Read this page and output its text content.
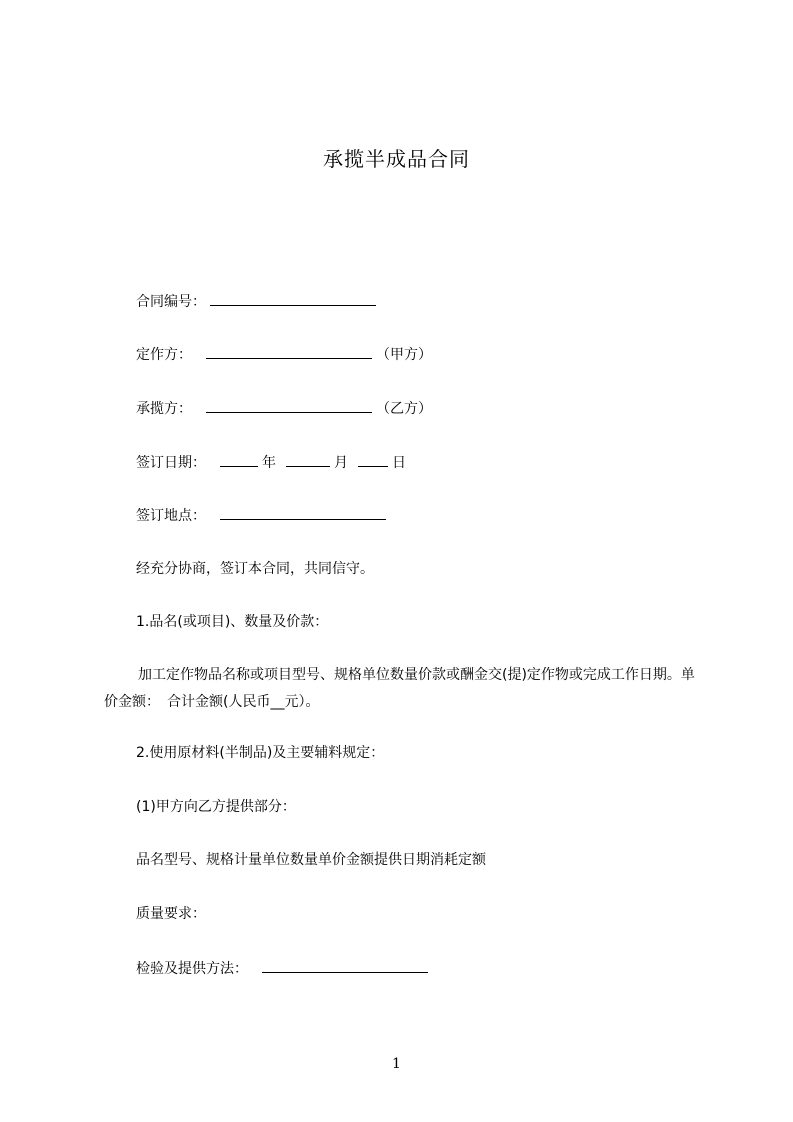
承揽半成品合同
合同编号：
定作方：	（甲方）
承揽方：	（乙方）
签订日期：	年	月	日
签订地点：
经充分协商，签订本合同，共同信守。
1.品名(或项目)、数量及价款：
加工定作物品名称或项目型号、规格单位数量价款或酬金交(提)定作物或完成工作日期。单价金额：　合计金额(人民币__元）。
2.使用原材料(半制品)及主要辅料规定：
(1)甲方向乙方提供部分：
品名型号、规格计量单位数量单价金额提供日期消耗定额
质量要求：
检验及提供方法：
1
